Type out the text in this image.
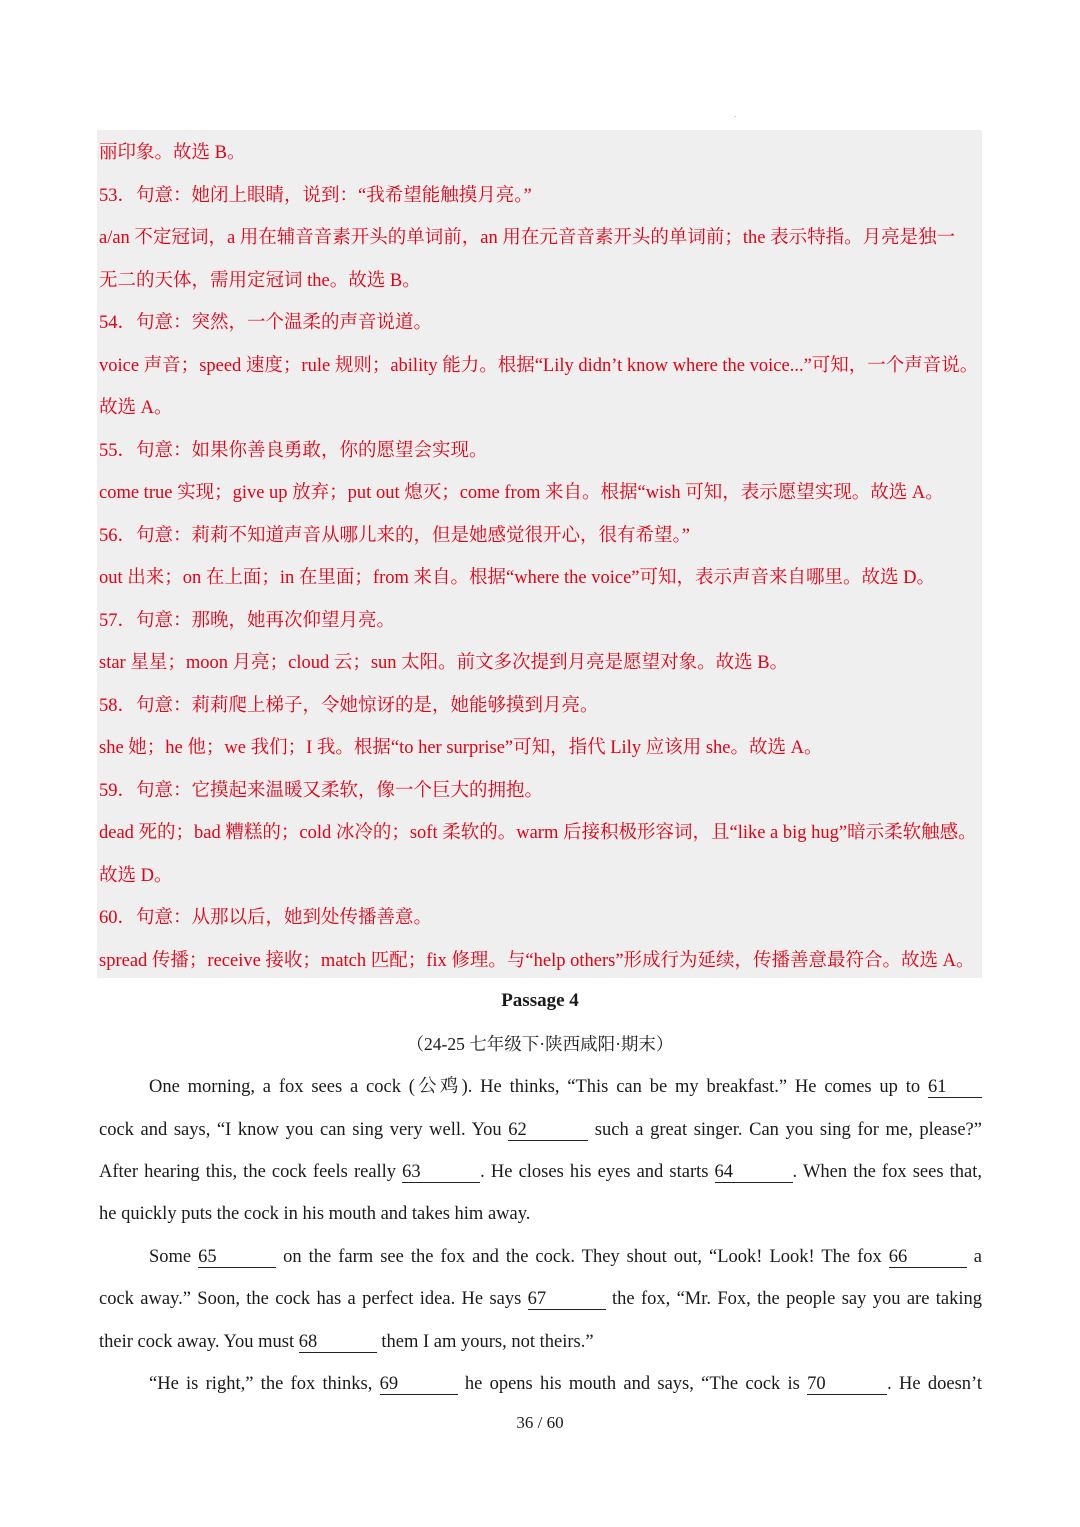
.
丽印象。故选 B。
53．句意：她闭上眼睛，说到：“我希望能触摸月亮。”
a/an 不定冠词，a 用在辅音音素开头的单词前，an 用在元音音素开头的单词前；the 表示特指。月亮是独一
无二的天体，需用定冠词 the。故选 B。
54．句意：突然，一个温柔的声音说道。
voice 声音；speed 速度；rule 规则；ability 能力。根据“Lily didn’t know where the voice...”可知，一个声音说。
故选 A。
55．句意：如果你善良勇敢，你的愿望会实现。
come true 实现；give up 放弃；put out 熄灭；come from 来自。根据“wish 可知，表示愿望实现。故选 A。
56．句意：莉莉不知道声音从哪儿来的，但是她感觉很开心，很有希望。”
out 出来；on 在上面；in 在里面；from 来自。根据“where the voice”可知，表示声音来自哪里。故选 D。
57．句意：那晚，她再次仰望月亮。
star 星星；moon 月亮；cloud 云；sun 太阳。前文多次提到月亮是愿望对象。故选 B。
58．句意：莉莉爬上梯子，令她惊讶的是，她能够摸到月亮。
she 她；he 他；we 我们；I 我。根据“to her surprise”可知，指代 Lily 应该用 she。故选 A。
59．句意：它摸起来温暖又柔软，像一个巨大的拥抱。
dead 死的；bad 糟糕的；cold 冰冷的；soft 柔软的。warm 后接积极形容词，且“like a big hug”暗示柔软触感。
故选 D。
60．句意：从那以后，她到处传播善意。
spread 传播；receive 接收；match 匹配；fix 修理。与“help others”形成行为延续，传播善意最符合。故选 A。
Passage 4
（24-25 七年级下·陕西咸阳·期末）
One morning, a fox sees a cock (公鸡). He thinks, “This can be my breakfast.” He comes up to 61
cock and says, “I know you can sing very well. You 62	such a great singer. Can you sing for me, please?”
After hearing this, the cock feels really 63	. He closes his eyes and starts 64	. When the fox sees that,
he quickly puts the cock in his mouth and takes him away.
Some 65	on the farm see the fox and the cock. They shout out, “Look! Look! The fox 66	a
cock away.” Soon, the cock has a perfect idea. He says 67	the fox, “Mr. Fox, the people say you are taking
their cock away. You must 68	them I am yours, not theirs.”
“He is right,” the fox thinks, 69	he opens his mouth and says, “The cock is 70	. He doesn’t
36 / 60
